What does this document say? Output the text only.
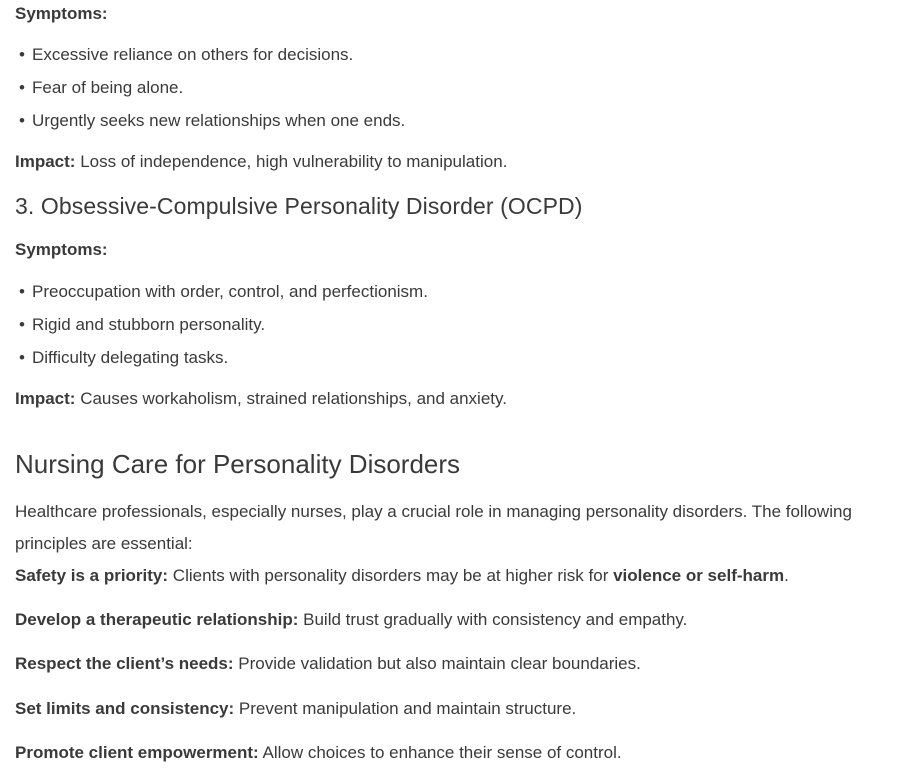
Symptoms:
• Excessive reliance on others for decisions.
• Fear of being alone.
• Urgently seeks new relationships when one ends.
Impact: Loss of independence, high vulnerability to manipulation.
3. Obsessive-Compulsive Personality Disorder (OCPD)
Symptoms:
• Preoccupation with order, control, and perfectionism.
• Rigid and stubborn personality.
• Difficulty delegating tasks.
Impact: Causes workaholism, strained relationships, and anxiety.
Nursing Care for Personality Disorders

Healthcare professionals, especially nurses, play a crucial role in managing personality disorders. The following principles are essential:

Safety is a priority: Clients with personality disorders may be at higher risk for violence or self-harm.
Develop a therapeutic relationship: Build trust gradually with consistency and empathy.
Respect the client’s needs: Provide validation but also maintain clear boundaries.
Set limits and consistency: Prevent manipulation and maintain structure.
Promote client empowerment: Allow choices to enhance their sense of control.
